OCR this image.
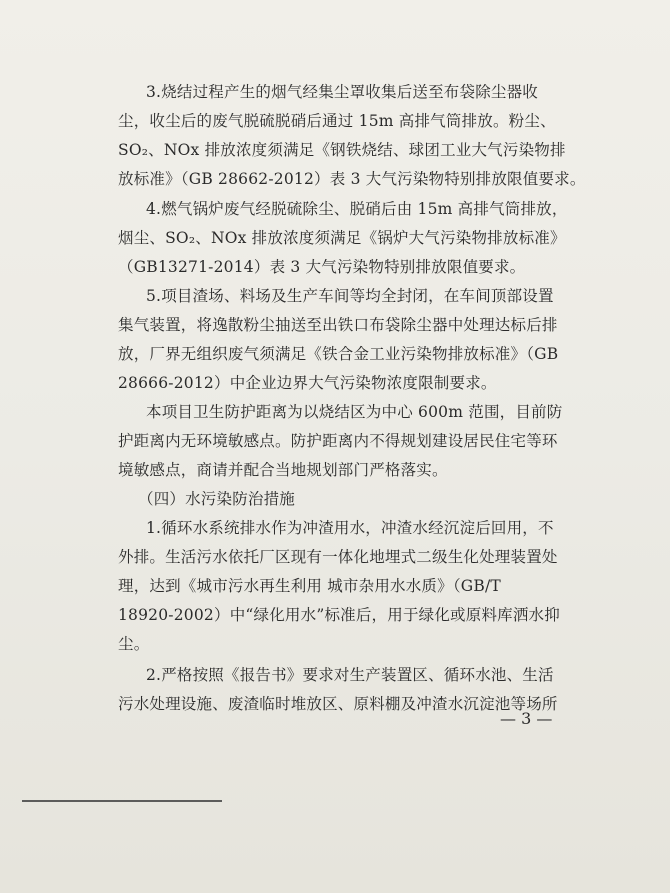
3.烧结过程产生的烟气经集尘罩收集后送至布袋除尘器收
尘，收尘后的废气脱硫脱硝后通过 15m 高排气筒排放。粉尘、
SO₂、NOx 排放浓度须满足《钢铁烧结、球团工业大气污染物排
放标准》（GB 28662-2012）表 3 大气污染物特别排放限值要求。
4.燃气锅炉废气经脱硫除尘、脱硝后由 15m 高排气筒排放，
烟尘、SO₂、NOx 排放浓度须满足《锅炉大气污染物排放标准》
（GB13271-2014）表 3 大气污染物特别排放限值要求。
5.项目渣场、料场及生产车间等均全封闭，在车间顶部设置
集气装置，将逸散粉尘抽送至出铁口布袋除尘器中处理达标后排
放，厂界无组织废气须满足《铁合金工业污染物排放标准》（GB
28666-2012）中企业边界大气污染物浓度限制要求。
本项目卫生防护距离为以烧结区为中心 600m 范围，目前防
护距离内无环境敏感点。防护距离内不得规划建设居民住宅等环
境敏感点，商请并配合当地规划部门严格落实。
（四）水污染防治措施
1.循环水系统排水作为冲渣用水，冲渣水经沉淀后回用，不
外排。生活污水依托厂区现有一体化地埋式二级生化处理装置处
理，达到《城市污水再生利用 城市杂用水水质》（GB/T
18920-2002）中“绿化用水”标准后，用于绿化或原料库洒水抑
尘。
2.严格按照《报告书》要求对生产装置区、循环水池、生活
污水处理设施、废渣临时堆放区、原料棚及冲渣水沉淀池等场所
— 3 —
